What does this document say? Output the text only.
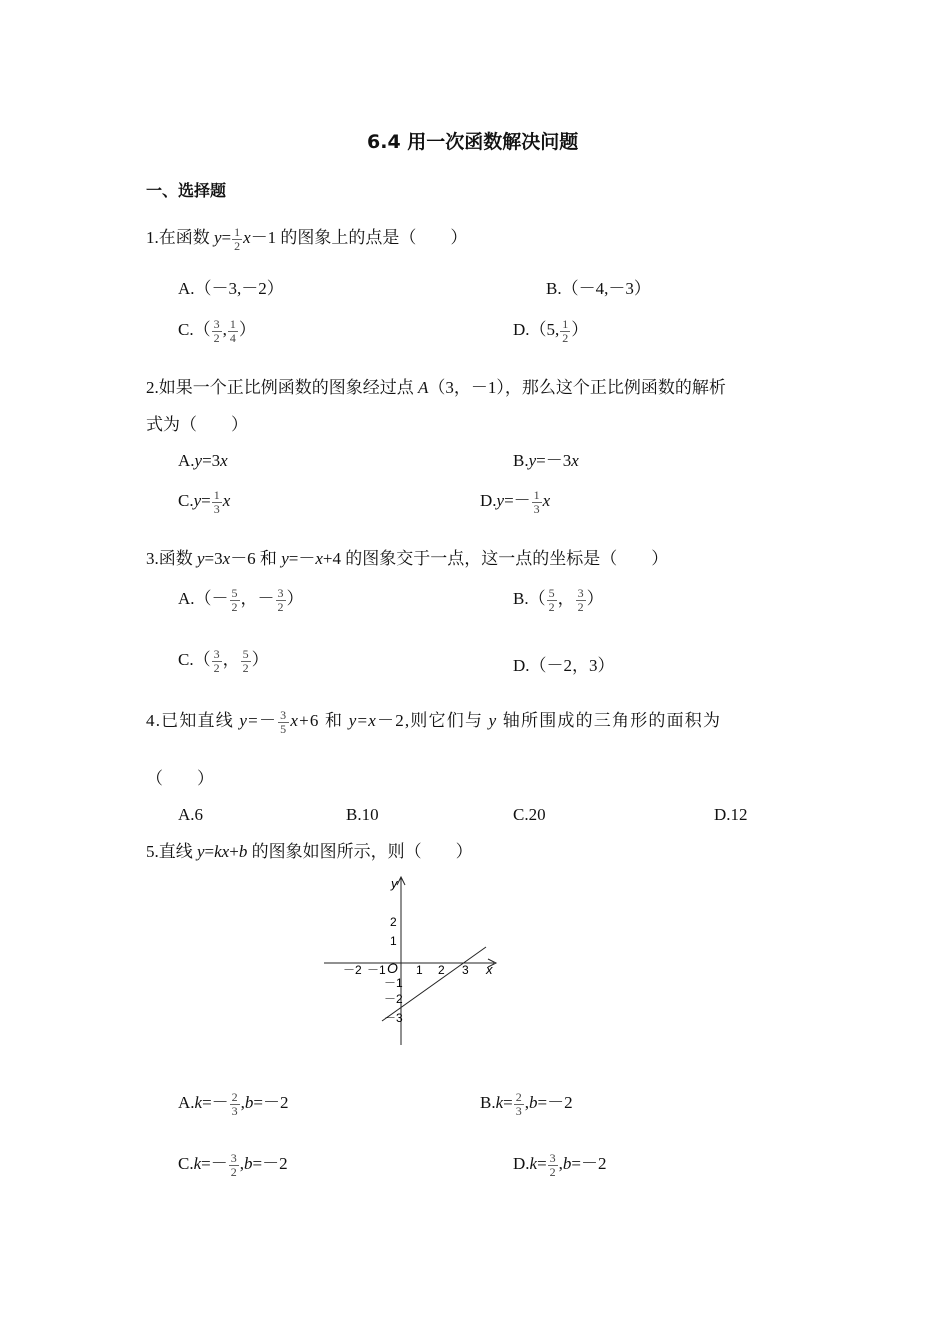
6.4 用一次函数解决问题
一、选择题
1.在函数 $y= \frac{1}{2} x-1$ 的图象上的点是（　　）
A.（－3,－2）	B.（－4,－3）
$C.( \frac{3}{2}$ , $\frac{1}{4}$ ）	D.（5, $\frac{1}{2}$ ）
2.如果一个正比例函数的图象经过点 A（3，－1），那么这个正比例函数的解析
式为（　　）
A.y=3x	B.y=－3x
$C.y= \frac{1}{3}$ x	$D.y=- \frac{1}{3}$ x
3.函数 y=3x－6 和 y=－x+4 的图象交于一点，这一点的坐标是（　　）
$A.(- \frac{5}{2}$ ，－ $\frac{3}{2}$ ）	$B.( \frac{5}{2}$ ， $\frac{3}{2}$ ）
$C.( \frac{3}{2}$ ， $\frac{5}{2}$ ）	D.（－2，3）
4.已知直线 $y=- \frac{3}{5} x+6$ 和 y=x－2,则它们与 y 轴所围成的三角形的面积为
（　　）
A.6	B.10	C.20	D.12
5.直线 y=kx+b 的图象如图所示，则（　　）
x
y
O
－2 －1	1 2 3
2
1
－1
－2
－3
$A.k=- \frac{2}{3} ,b=-2$	$B.k= \frac{2}{3} ,b=-2$
$C.k=- \frac{3}{2} ,b=-2$	$D.k= \frac{3}{2} ,b=-2$
